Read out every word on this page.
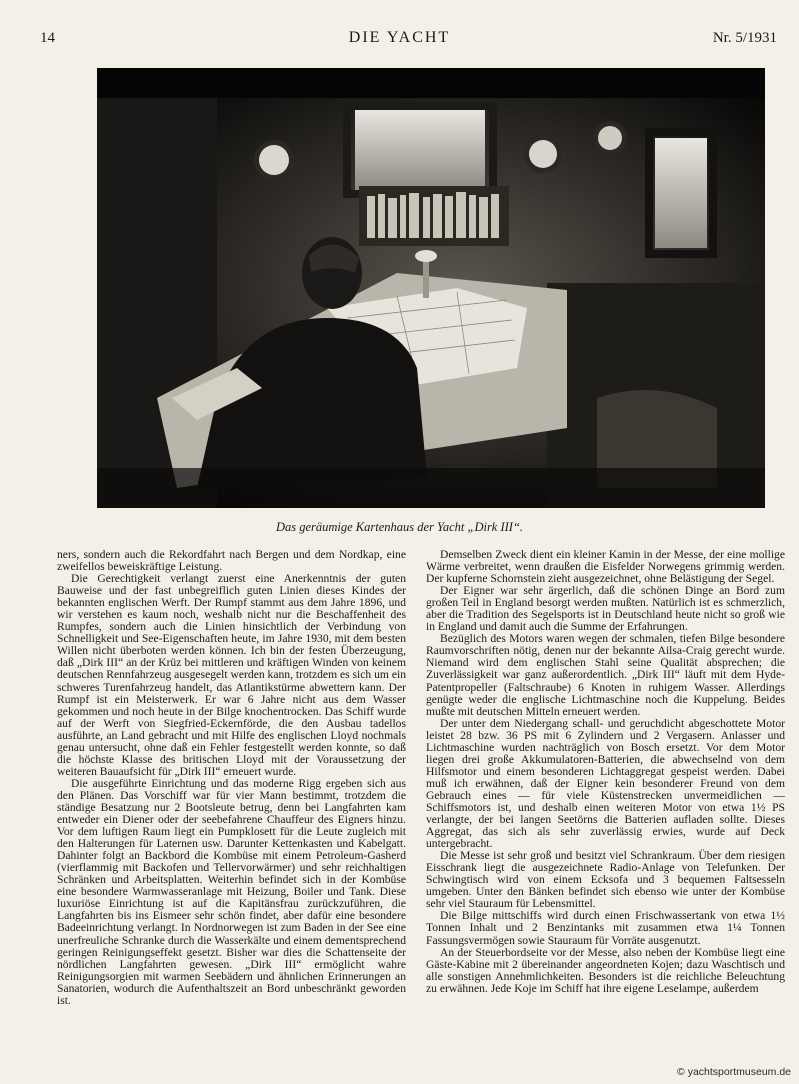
14	DIE YACHT	Nr. 5/1931
Das geräumige Kartenhaus der Yacht „Dirk III“.

ners, sondern auch die Rekordfahrt nach Bergen und dem Nordkap, eine zweifellos beweiskräftige Leistung.

Die Gerechtigkeit verlangt zuerst eine Anerkenntnis der guten Bauweise und der fast unbegreiflich guten Linien dieses Kindes der bekannten englischen Werft. Der Rumpf stammt aus dem Jahre 1896, und wir verstehen es kaum noch, weshalb nicht nur die Beschaffenheit des Rumpfes, sondern auch die Linien hinsichtlich der Verbindung von Schnelligkeit und See-Eigenschaften heute, im Jahre 1930, mit dem besten Willen nicht überboten werden können. Ich bin der festen Überzeugung, daß „Dirk III“ an der Krüz bei mittleren und kräftigen Winden von keinem deutschen Rennfahrzeug ausgesegelt werden kann, trotzdem es sich um ein schweres Turenfahrzeug handelt, das Atlantikstürme abwettern kann. Der Rumpf ist ein Meisterwerk. Er war 6 Jahre nicht aus dem Wasser gekommen und noch heute in der Bilge knochentrocken. Das Schiff wurde auf der Werft von Siegfried-Eckernförde, die den Ausbau tadellos ausführte, an Land gebracht und mit Hilfe des englischen Lloyd nochmals genau untersucht, ohne daß ein Fehler festgestellt werden konnte, so daß die höchste Klasse des britischen Lloyd mit der Voraussetzung der weiteren Bauaufsicht für „Dirk III“ erneuert wurde.

Die ausgeführte Einrichtung und das moderne Rigg ergeben sich aus den Plänen. Das Vorschiff war für vier Mann bestimmt, trotzdem die ständige Besatzung nur 2 Bootsleute betrug, denn bei Langfahrten kam entweder ein Diener oder der seebefahrene Chauffeur des Eigners hinzu. Vor dem luftigen Raum liegt ein Pumpklosett für die Leute zugleich mit den Halterungen für Laternen usw. Darunter Kettenkasten und Kabelgatt. Dahinter folgt an Backbord die Kombüse mit einem Petroleum-Gasherd (vierflammig mit Backofen und Tellervorwärmer) und sehr reichhaltigen Schränken und Arbeitsplatten. Weiterhin befindet sich in der Kombüse eine besondere Warmwasseranlage mit Heizung, Boiler und Tank. Diese luxuriöse Einrichtung ist auf die Kapitänsfrau zurückzuführen, die Langfahrten bis ins Eismeer sehr schön findet, aber dafür eine besondere Badeeinrichtung verlangt. In Nordnorwegen ist zum Baden in der See eine unerfreuliche Schranke durch die Wasserkälte und einem dementsprechend geringen Reinigungseffekt gesetzt. Bisher war dies die Schattenseite der nördlichen Langfahrten gewesen. „Dirk III“ ermöglicht wahre Reinigungsorgien mit warmen Seebädern und ähnlichen Erinnerungen an Sanatorien, wodurch die Aufenthaltszeit an Bord unbeschränkt geworden ist.

Demselben Zweck dient ein kleiner Kamin in der Messe, der eine mollige Wärme verbreitet, wenn draußen die Eisfelder Norwegens grimmig werden. Der kupferne Schornstein zieht ausgezeichnet, ohne Belästigung der Segel.

Der Eigner war sehr ärgerlich, daß die schönen Dinge an Bord zum großen Teil in England besorgt werden mußten. Natürlich ist es schmerzlich, aber die Tradition des Segelsports ist in Deutschland heute nicht so groß wie in England und damit auch die Summe der Erfahrungen.

Bezüglich des Motors waren wegen der schmalen, tiefen Bilge besondere Raumvorschriften nötig, denen nur der bekannte Ailsa-Craig gerecht wurde. Niemand wird dem englischen Stahl seine Qualität absprechen; die Zuverlässigkeit war ganz außerordentlich. „Dirk III“ läuft mit dem Hyde-Patentpropeller (Faltschraube) 6 Knoten in ruhigem Wasser. Allerdings genügte weder die englische Lichtmaschine noch die Kuppelung. Beides mußte mit deutschen Mitteln erneuert werden.

Der unter dem Niedergang schall- und geruchdicht abgeschottete Motor leistet 28 bzw. 36 PS mit 6 Zylindern und 2 Vergasern. Anlasser und Lichtmaschine wurden nachträglich von Bosch ersetzt. Vor dem Motor liegen drei große Akkumulatoren-Batterien, die abwechselnd von dem Hilfsmotor und einem besonderen Lichtaggregat gespeist werden. Dabei muß ich erwähnen, daß der Eigner kein besonderer Freund von dem Gebrauch eines — für viele Küstenstrecken unvermeidlichen — Schiffsmotors ist, und deshalb einen weiteren Motor von etwa 1½ PS verlangte, der bei langen Seetörns die Batterien aufladen sollte. Dieses Aggregat, das sich als sehr zuverlässig erwies, wurde auf Deck untergebracht.

Die Messe ist sehr groß und besitzt viel Schrankraum. Über dem riesigen Eisschrank liegt die ausgezeichnete Radio-Anlage von Telefunken. Der Schwingtisch wird von einem Ecksofa und 3 bequemen Faltsesseln umgeben. Unter den Bänken befindet sich ebenso wie unter der Kombüse sehr viel Stauraum für Lebensmittel.

Die Bilge mittschiffs wird durch einen Frischwassertank von etwa 1½ Tonnen Inhalt und 2 Benzintanks mit zusammen etwa 1¼ Tonnen Fassungsvermögen sowie Stauraum für Vorräte ausgenutzt.

An der Steuerbordseite vor der Messe, also neben der Kombüse liegt eine Gäste-Kabine mit 2 übereinander angeordneten Kojen; dazu Waschtisch und alle sonstigen Annehmlichkeiten. Besonders ist die reichliche Beleuchtung zu erwähnen. Jede Koje im Schiff hat ihre eigene Leselampe, außerdem

© yachtsportmuseum.de
